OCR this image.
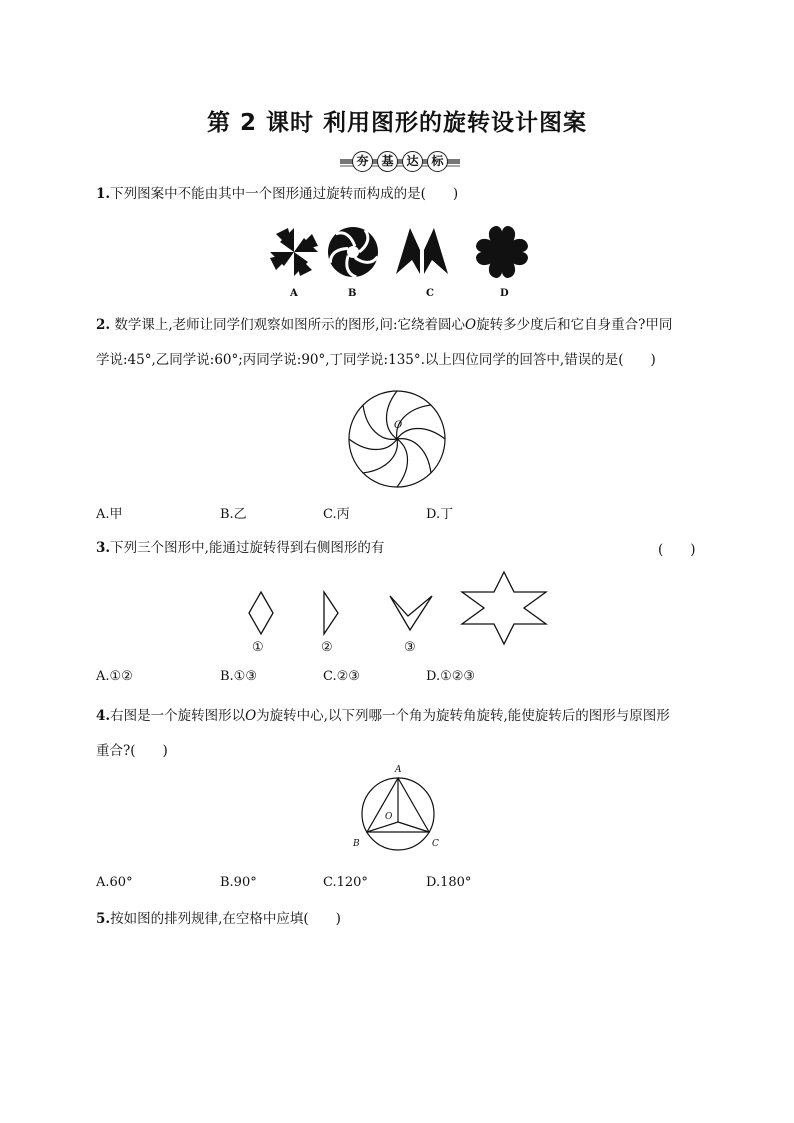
第 2 课时 利用图形的旋转设计图案
夯	基	达	标
1.下列图案中不能由其中一个图形通过旋转而构成的是(　　)
A	B	C	D
2. 数学课上,老师让同学们观察如图所示的图形,问:它绕着圆心O旋转多少度后和它自身重合?甲同
学说:45°,乙同学说:60°;丙同学说:90°,丁同学说:135°.以上四位同学的回答中,错误的是(　　)
O
A.甲	B.乙	C.丙	D.丁
3.下列三个图形中,能通过旋转得到右侧图形的有	(　　)
①	②	③
A.①②	B.①③	C.②③	D.①②③
4.右图是一个旋转图形以O为旋转中心,以下列哪一个角为旋转角旋转,能使旋转后的图形与原图形
重合?(　　)
A
B	C
O
A.60°	B.90°	C.120°	D.180°
5.按如图的排列规律,在空格中应填(　　)
